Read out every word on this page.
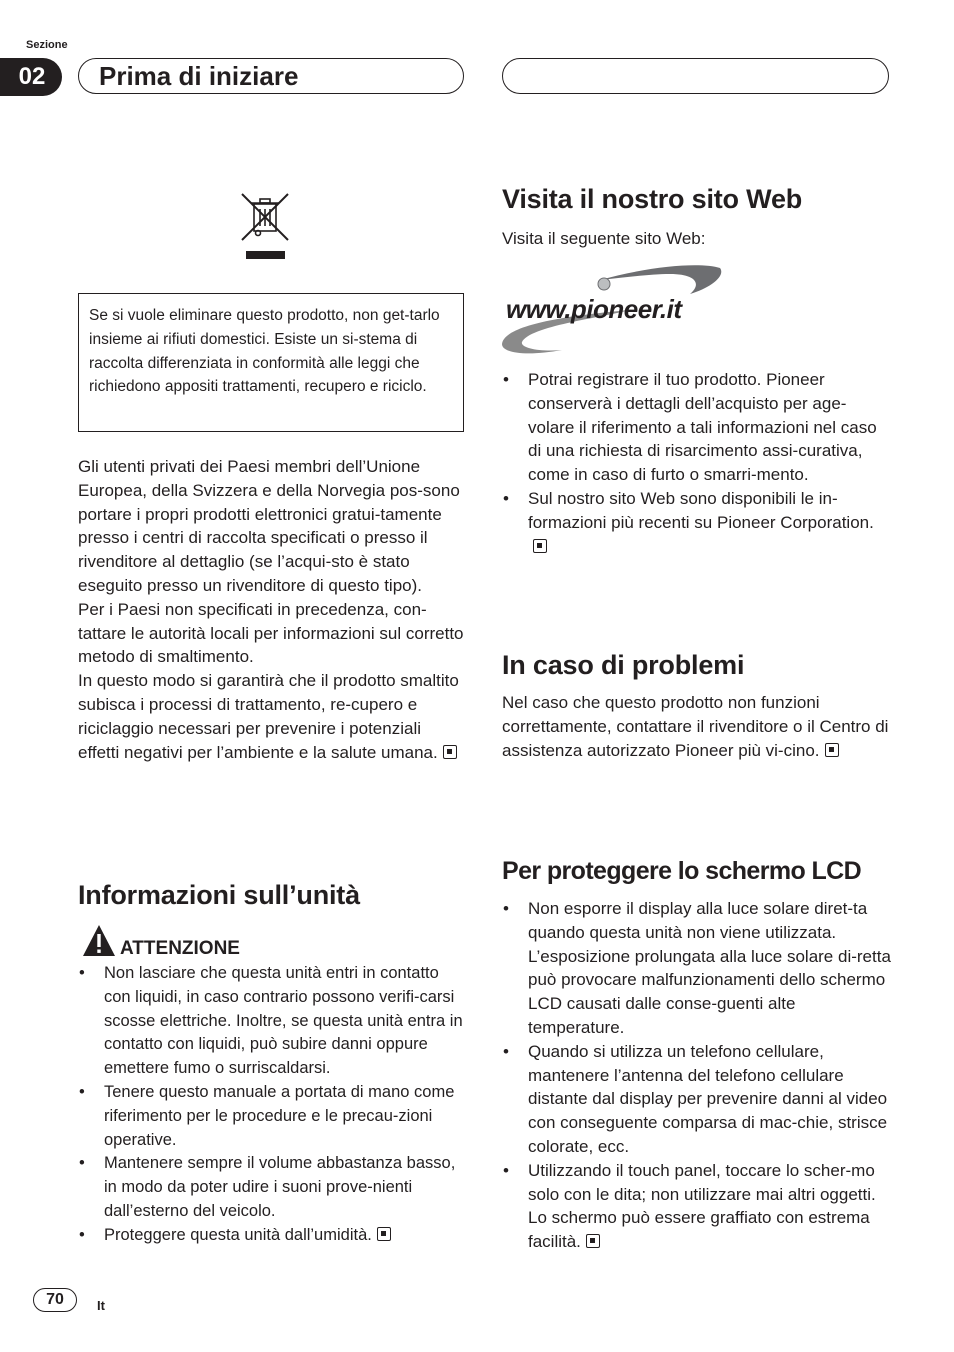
Sezione
02	Prima di iniziare
Se si vuole eliminare questo prodotto, non get-tarlo insieme ai rifiuti domestici. Esiste un si-stema di raccolta differenziata in conformità alle leggi che richiedono appositi trattamenti, recupero e riciclo.
Gli utenti privati dei Paesi membri dell’Unione Europea, della Svizzera e della Norvegia pos-sono portare i propri prodotti elettronici gratui-tamente presso i centri di raccolta specificati o presso il rivenditore al dettaglio (se l’acqui-sto è stato eseguito presso un rivenditore di questo tipo).
Per i Paesi non specificati in precedenza, con-tattare le autorità locali per informazioni sul corretto metodo di smaltimento.
In questo modo si garantirà che il prodotto smaltito subisca i processi di trattamento, re-cupero e riciclaggio necessari per prevenire i potenziali effetti negativi per l’ambiente e la salute umana.
Informazioni sull’unità
ATTENZIONE
• Non lasciare che questa unità entri in contatto con liquidi, in caso contrario possono verifi-carsi scosse elettriche. Inoltre, se questa unità entra in contatto con liquidi, può subire danni oppure emettere fumo o surriscaldarsi.
• Tenere questo manuale a portata di mano come riferimento per le procedure e le precau-zioni operative.
• Mantenere sempre il volume abbastanza basso, in modo da poter udire i suoni prove-nienti dall’esterno del veicolo.
• Proteggere questa unità dall’umidità.
Visita il nostro sito Web
Visita il seguente sito Web:
www.pioneer.it
• Potrai registrare il tuo prodotto. Pioneer conserverà i dettagli dell’acquisto per age-volare il riferimento a tali informazioni nel caso di una richiesta di risarcimento assi-curativa, come in caso di furto o smarri-mento.
• Sul nostro sito Web sono disponibili le in-formazioni più recenti su Pioneer Corporation.
In caso di problemi
Nel caso che questo prodotto non funzioni correttamente, contattare il rivenditore o il Centro di assistenza autorizzato Pioneer più vi-cino.
Per proteggere lo schermo LCD
• Non esporre il display alla luce solare diret-ta quando questa unità non viene utilizzata. L’esposizione prolungata alla luce solare di-retta può provocare malfunzionamenti dello schermo LCD causati dalle conse-guenti alte temperature.
• Quando si utilizza un telefono cellulare, mantenere l’antenna del telefono cellulare distante dal display per prevenire danni al video con conseguente comparsa di mac-chie, strisce colorate, ecc.
• Utilizzando il touch panel, toccare lo scher-mo solo con le dita; non utilizzare mai altri oggetti. Lo schermo può essere graffiato con estrema facilità.
70	It
